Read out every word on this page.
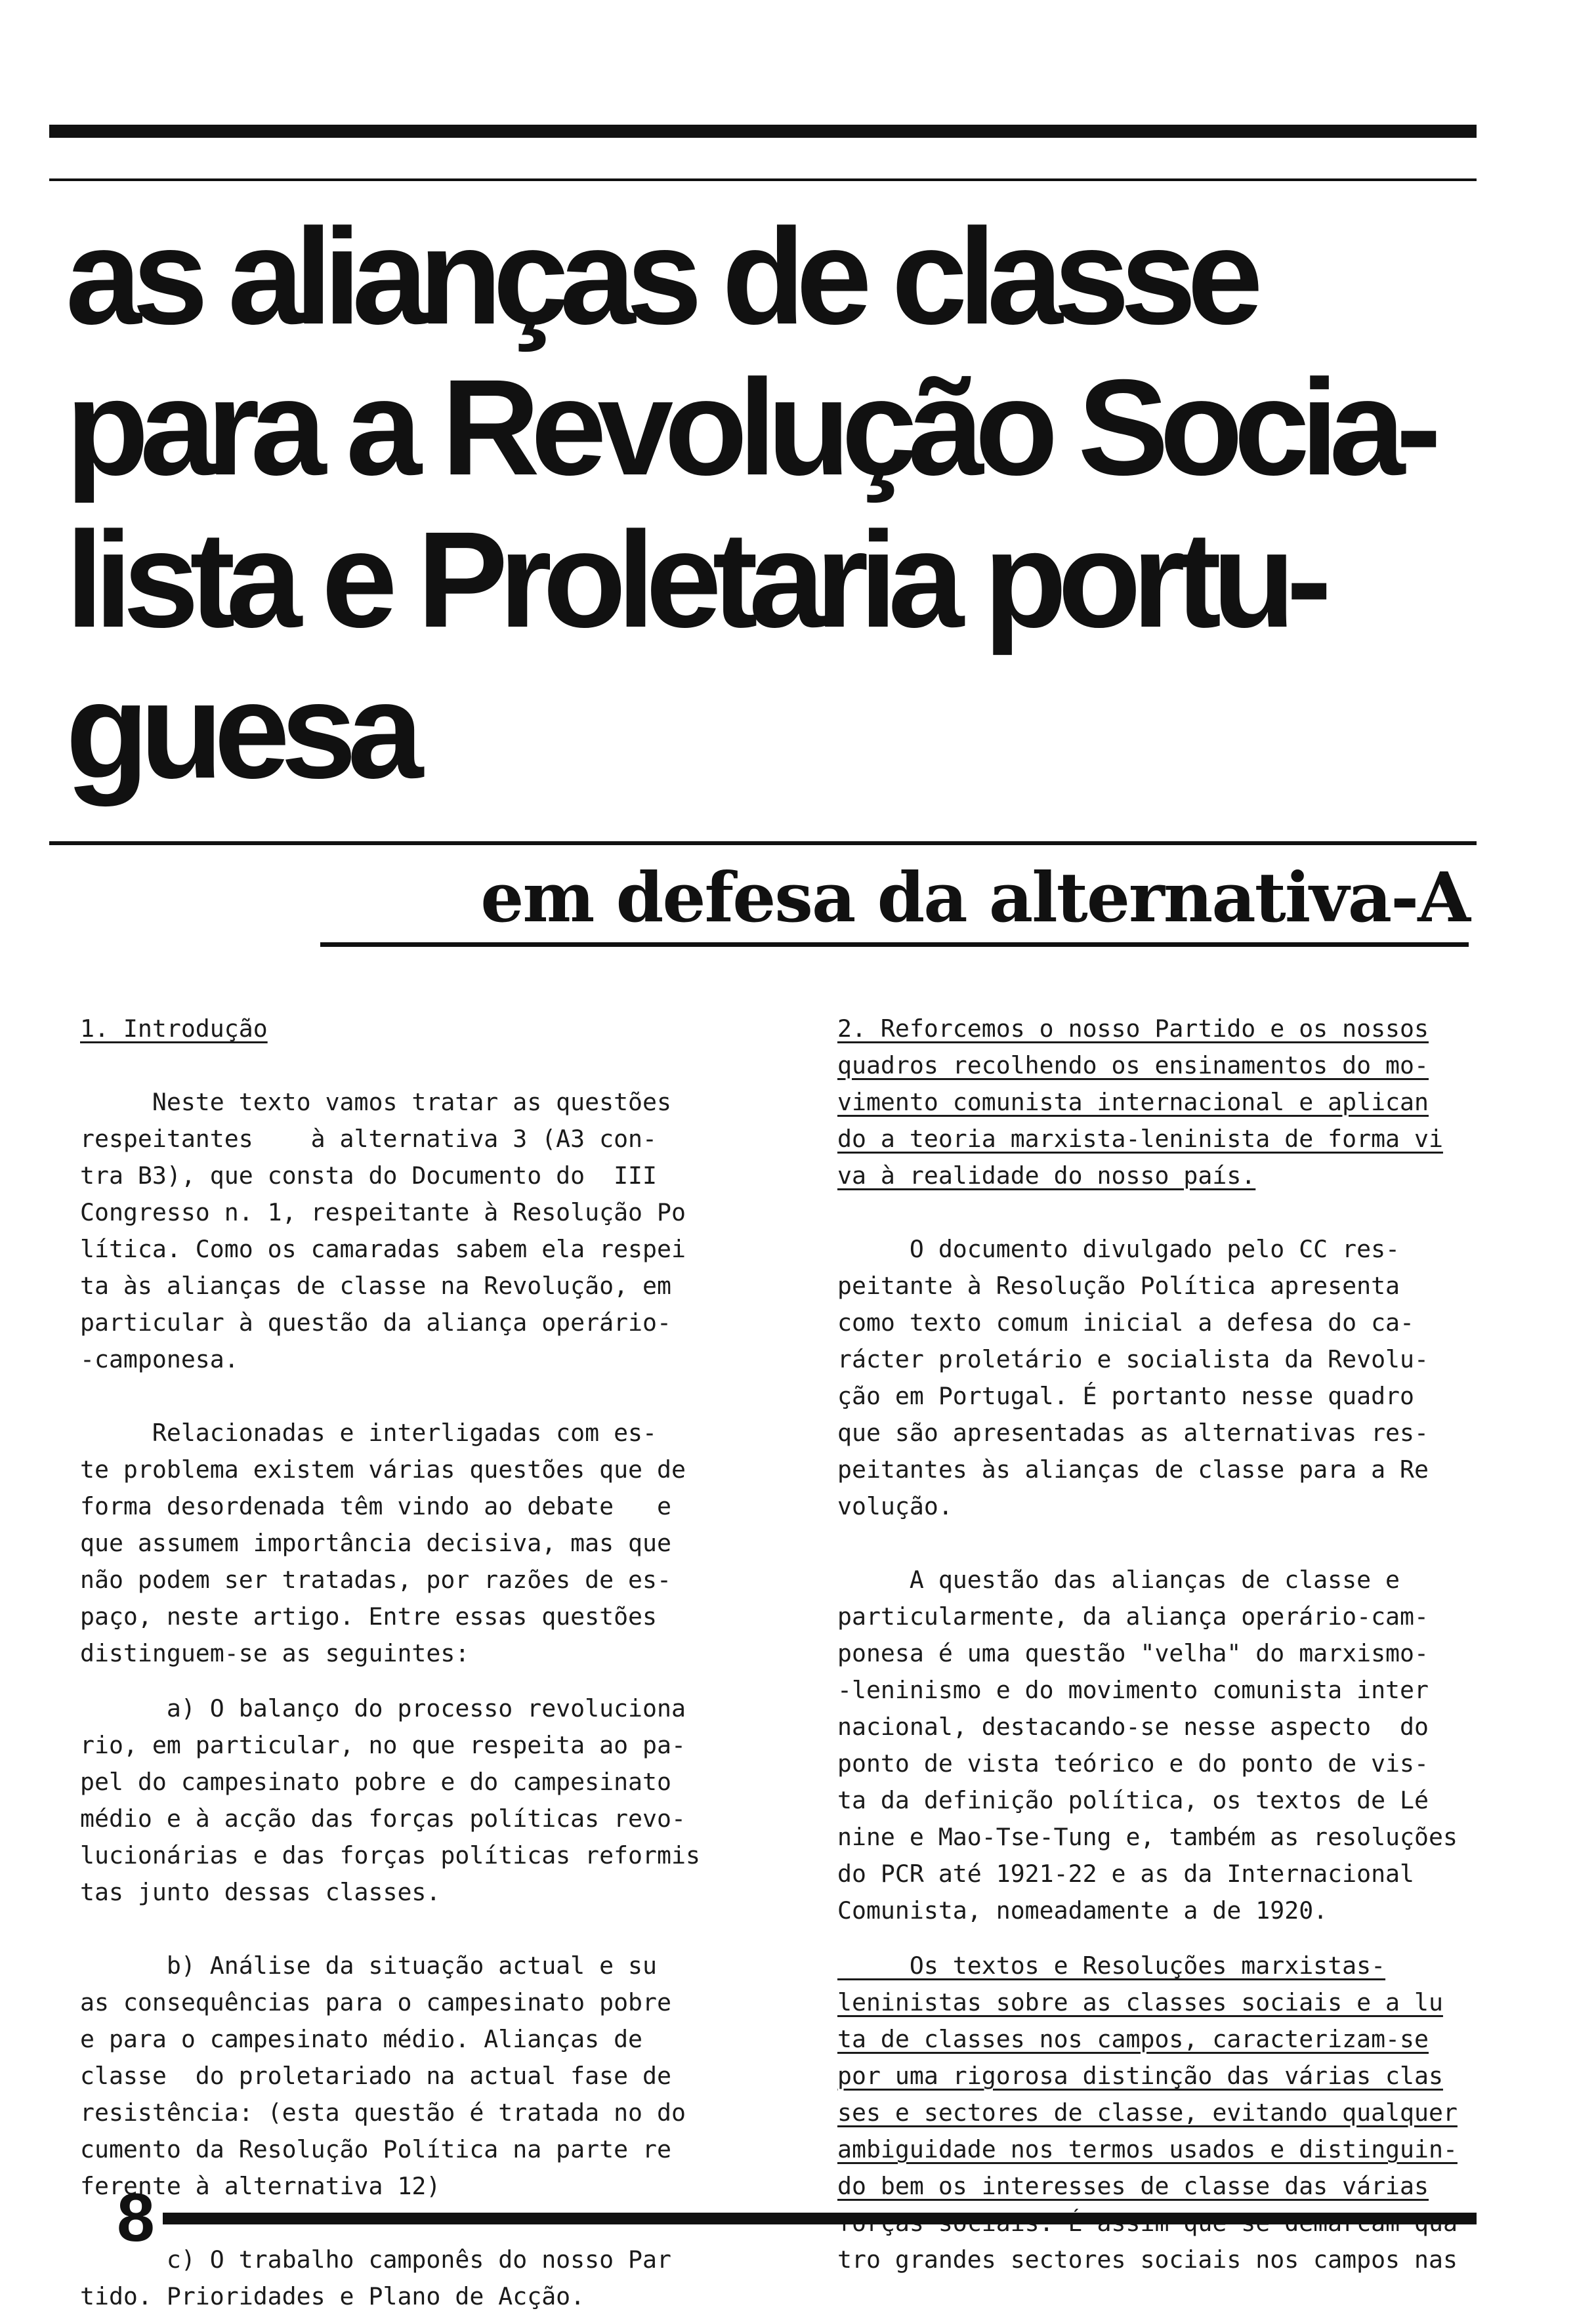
as alianças de classe
para a Revolução Socia-
lista e Proletaria portu-
guesa
em defesa da alternativa-A
1. Introdução
Neste texto vamos tratar as questões
respeitantes    à alternativa 3 (A3 con-
tra B3), que consta do Documento do  III
Congresso n. 1, respeitante à Resolução Po
lítica. Como os camaradas sabem ela respei
ta às alianças de classe na Revolução, em
particular à questão da aliança operário-
-camponesa.
Relacionadas e interligadas com es-
te problema existem várias questões que de
forma desordenada têm vindo ao debate   e
que assumem importância decisiva, mas que
não podem ser tratadas, por razões de es-
paço, neste artigo. Entre essas questões
distinguem-se as seguintes:
a) O balanço do processo revoluciona
rio, em particular, no que respeita ao pa-
pel do campesinato pobre e do campesinato
médio e à acção das forças políticas revo-
lucionárias e das forças políticas reformis
tas junto dessas classes.
b) Análise da situação actual e su
as consequências para o campesinato pobre
e para o campesinato médio. Alianças de
classe  do proletariado na actual fase de
resistência: (esta questão é tratada no do
cumento da Resolução Política na parte re
ferente à alternativa 12)
c) O trabalho camponês do nosso Par
tido. Prioridades e Plano de Acção.
2. Reforcemos o nosso Partido e os nossos
quadros recolhendo os ensinamentos do mo-
vimento comunista internacional e aplican
do a teoria marxista-leninista de forma vi
va à realidade do nosso país.
O documento divulgado pelo CC res-
peitante à Resolução Política apresenta
como texto comum inicial a defesa do ca-
rácter proletário e socialista da Revolu-
ção em Portugal. É portanto nesse quadro
que são apresentadas as alternativas res-
peitantes às alianças de classe para a Re
volução.
A questão das alianças de classe e
particularmente, da aliança operário-cam-
ponesa é uma questão "velha" do marxismo-
-leninismo e do movimento comunista inter
nacional, destacando-se nesse aspecto  do
ponto de vista teórico e do ponto de vis-
ta da definição política, os textos de Lé
nine e Mao-Tse-Tung e, também as resoluções
do PCR até 1921-22 e as da Internacional
Comunista, nomeadamente a de 1920.
Os textos e Resoluções marxistas-
leninistas sobre as classes sociais e a lu
ta de classes nos campos, caracterizam-se
por uma rigorosa distinção das várias clas
ses e sectores de classe, evitando qualquer
ambiguidade nos termos usados e distinguin-
do bem os interesses de classe das várias
tro grandes sectores sociais nos campos nas

8
